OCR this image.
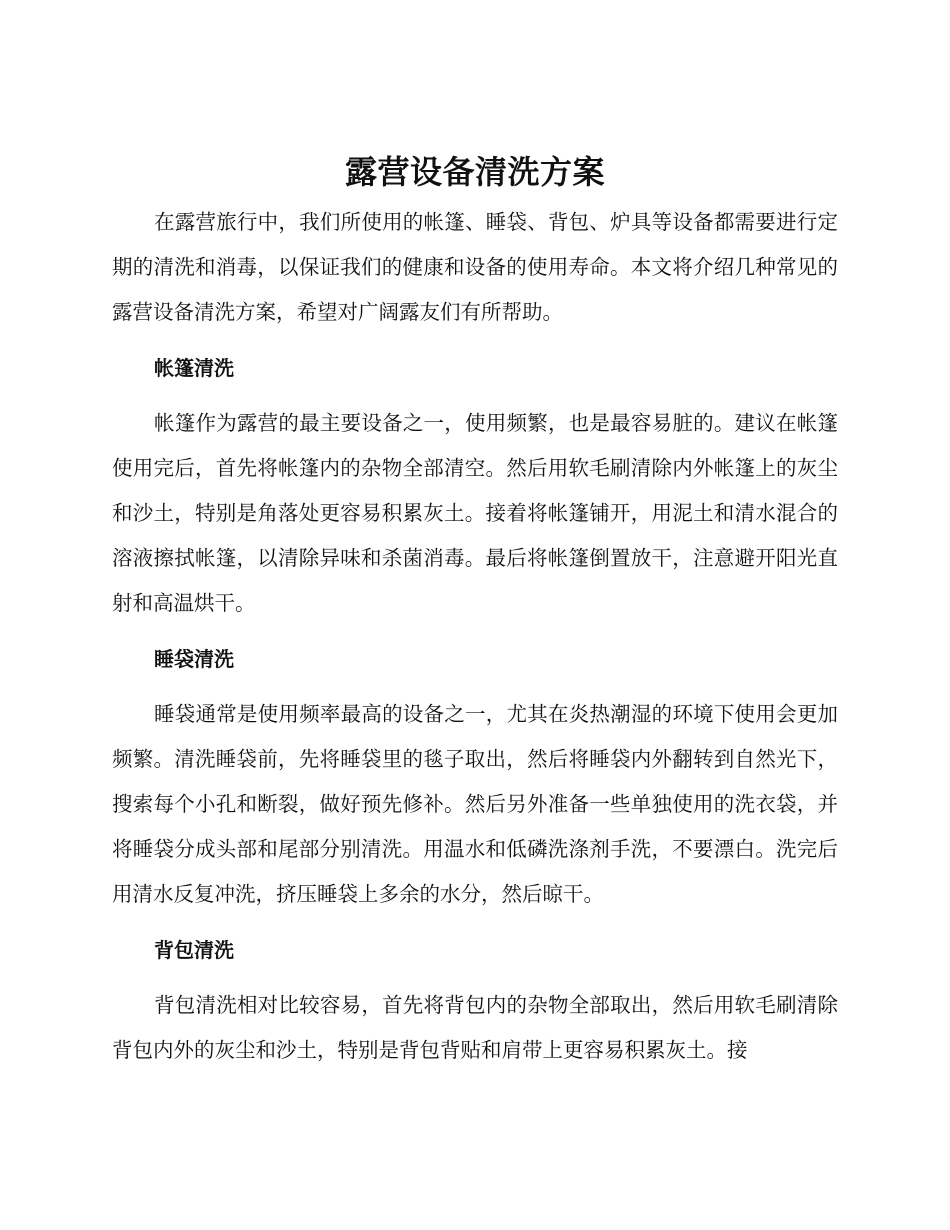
露营设备清洗方案

在露营旅行中，我们所使用的帐篷、睡袋、背包、炉具等设备都需要进行定期的清洗和消毒，以保证我们的健康和设备的使用寿命。本文将介绍几种常见的露营设备清洗方案，希望对广阔露友们有所帮助。

帐篷清洗

帐篷作为露营的最主要设备之一，使用频繁，也是最容易脏的。建议在帐篷使用完后，首先将帐篷内的杂物全部清空。然后用软毛刷清除内外帐篷上的灰尘和沙土，特别是角落处更容易积累灰土。接着将帐篷铺开，用泥土和清水混合的溶液擦拭帐篷，以清除异味和杀菌消毒。最后将帐篷倒置放干，注意避开阳光直射和高温烘干。

睡袋清洗

睡袋通常是使用频率最高的设备之一，尤其在炎热潮湿的环境下使用会更加频繁。清洗睡袋前，先将睡袋里的毯子取出，然后将睡袋内外翻转到自然光下，搜索每个小孔和断裂，做好预先修补。然后另外准备一些单独使用的洗衣袋，并将睡袋分成头部和尾部分别清洗。用温水和低磷洗涤剂手洗，不要漂白。洗完后用清水反复冲洗，挤压睡袋上多余的水分，然后晾干。

背包清洗

背包清洗相对比较容易，首先将背包内的杂物全部取出，然后用软毛刷清除背包内外的灰尘和沙土，特别是背包背贴和肩带上更容易积累灰土。接
